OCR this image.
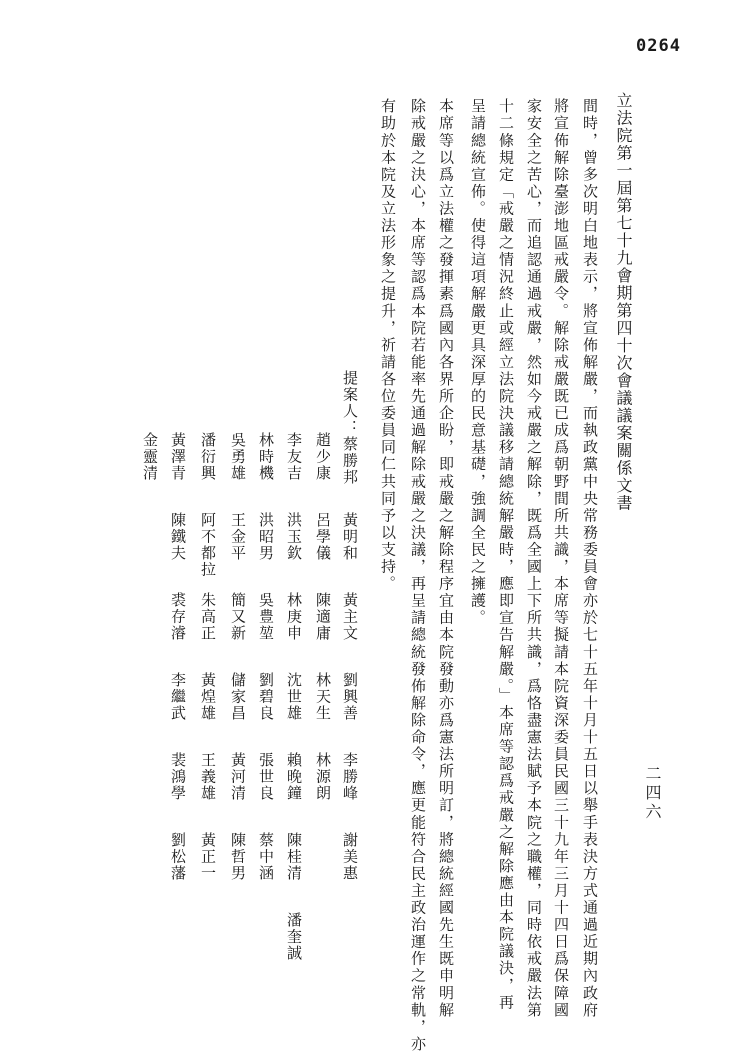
0264
立法院第一屆第七十九會期第四十次會議議案關係文書
二四六
間時，曾多次明白地表示，將宣佈解嚴，而執政黨中央常務委員會亦於七十五年十月十五日以舉手表決方式通過近期內政府
將宣佈解除臺澎地區戒嚴令。解除戒嚴既已成爲朝野間所共識，本席等擬請本院資深委員民國三十九年三月十四日爲保障國
家安全之苦心，而追認通過戒嚴，然如今戒嚴之解除，既爲全國上下所共識，爲恪盡憲法賦予本院之職權，同時依戒嚴法第
十二條規定「戒嚴之情況終止或經立法院決議移請總統解嚴時，應即宣告解嚴。」本席等認爲戒嚴之解除應由本院議決，再
呈請總統宣佈。使得這項解嚴更具深厚的民意基礎，強調全民之擁護。
本席等以爲立法權之發揮素爲國內各界所企盼，即戒嚴之解除程序宜由本院發動亦爲憲法所明訂，將總統經國先生既申明解
除戒嚴之決心，本席等認爲本院若能率先通過解除戒嚴之決議，再呈請總統發佈解除命令，應更能符合民主政治運作之常軌，亦
有助於本院及立法形象之提升，祈請各位委員同仁共同予以支持。
提案人：蔡勝邦
黃明和
黃主文
劉興善
李勝峰
謝美惠
趙少康
呂學儀
陳適庸
林天生
林源朗
李友吉
洪玉欽
林庚申
沈世雄
賴晚鐘
陳桂清
潘奎誠
林時機
洪昭男
吳豊堃
劉碧良
張世良
蔡中涵
吳勇雄
王金平
簡又新
儲家昌
黃河清
陳哲男
潘衍興
阿不都拉
朱高正
黃煌雄
王義雄
黃正一
黃澤青
陳鐵夫
裘存濬
李繼武
裴鴻學
劉松藩
金靈清
